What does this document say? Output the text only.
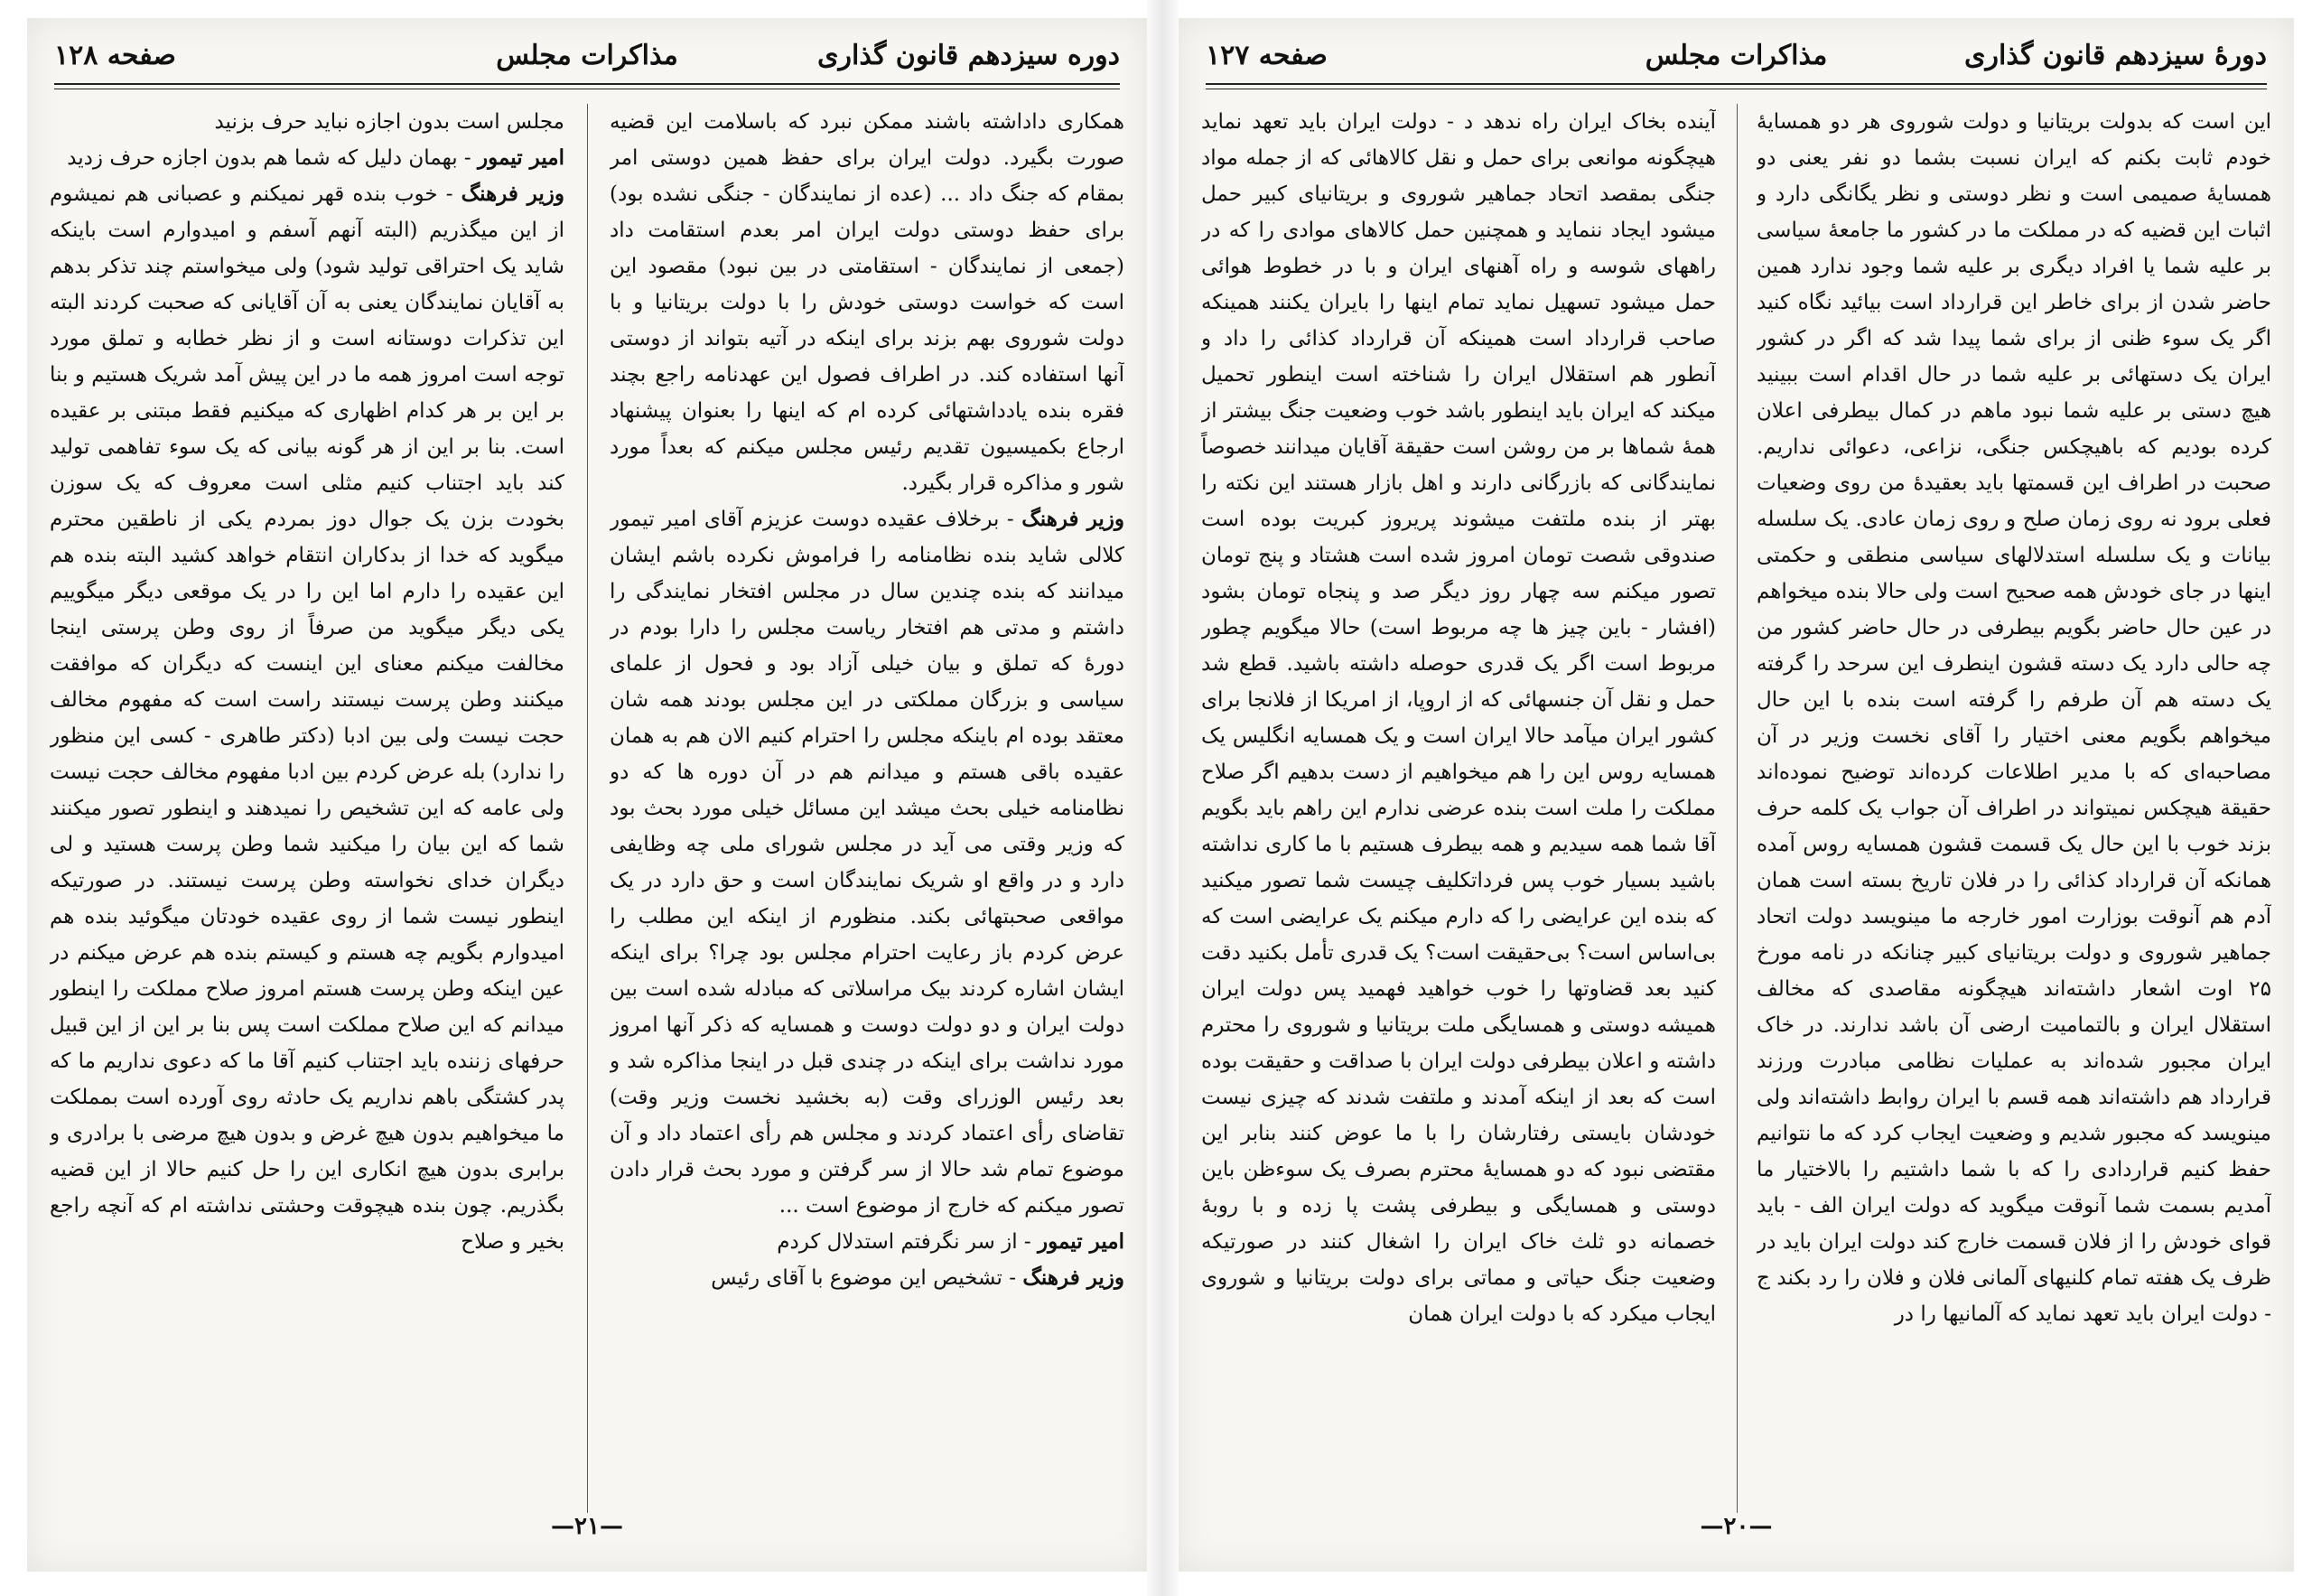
دوره سیزدهم قانون گذاری
مذاکرات مجلس
صفحه ۱۲۸

همکاری داداشته باشند ممکن نبرد که باسلامت این قضیه صورت بگیرد. دولت ایران برای حفظ همین دوستی امر بمقام که جنگ داد ... (عده از نمایندگان - جنگی نشده بود) برای حفظ دوستی دولت ایران امر بعدم استقامت داد (جمعی از نمایندگان - استقامتی در بین نبود) مقصود این است که خواست دوستی خودش را با دولت بریتانیا و با دولت شوروی بهم بزند برای اینکه در آتیه بتواند از دوستی آنها استفاده کند. در اطراف فصول این عهدنامه راجع بچند فقره بنده یادداشتهائی کرده ام که اینها را بعنوان پیشنهاد ارجاع بکمیسیون تقدیم رئیس مجلس میکنم که بعداً مورد شور و مذاکره قرار بگیرد.

وزیر فرهنگ - برخلاف عقیده دوست عزیزم آقای امیر تیمور کلالی شاید بنده نظامنامه را فراموش نکرده باشم ایشان میدانند که بنده چندین سال در مجلس افتخار نمایندگی را داشتم و مدتی هم افتخار ریاست مجلس را دارا بودم در دورهٔ که تملق و بیان خیلی آزاد بود و فحول از علمای سیاسی و بزرگان مملکتی در این مجلس بودند همه شان معتقد بوده ام باینکه مجلس را احترام کنیم الان هم به همان عقیده باقی هستم و میدانم هم در آن دوره ها که دو نظامنامه خیلی بحث میشد این مسائل خیلی مورد بحث بود که وزیر وقتی می آید در مجلس شورای ملی چه وظایفی دارد و در واقع او شریک نمایندگان است و حق دارد در یک مواقعی صحبتهائی بکند. منظورم از اینکه این مطلب را عرض کردم باز رعایت احترام مجلس بود چرا؟ برای اینکه ایشان اشاره کردند بیک مراسلاتی که مبادله شده است بین دولت ایران و دو دولت دوست و همسایه که ذکر آنها امروز مورد نداشت برای اینکه در چندی قبل در اینجا مذاکره شد و بعد رئیس الوزرای وقت (به بخشید نخست وزیر وقت) تقاضای رأی اعتماد کردند و مجلس هم رأی اعتماد داد و آن موضوع تمام شد حالا از سر گرفتن و مورد بحث قرار دادن تصور میکنم که خارج از موضوع است ...

امیر تیمور - از سر نگرفتم استدلال کردم

وزیر فرهنگ - تشخیص این موضوع با آقای رئیس

مجلس است بدون اجازه نباید حرف بزنید

امیر تیمور - بهمان دلیل که شما هم بدون اجازه حرف زدید

وزیر فرهنگ - خوب بنده قهر نمیکنم و عصبانی هم نمیشوم از این میگذریم (البته آنهم آسفم و امیدوارم است باینکه شاید یک احتراقی تولید شود) ولی میخواستم چند تذکر بدهم به آقایان نمایندگان یعنی به آن آقایانی که صحبت کردند البته این تذکرات دوستانه است و از نظر خطابه و تملق مورد توجه است امروز همه ما در این پیش آمد شریک هستیم و بنا بر این بر هر کدام اظهاری که میکنیم فقط مبتنی بر عقیده است. بنا بر این از هر گونه بیانی که یک سوء تفاهمی تولید کند باید اجتناب کنیم مثلی است معروف که یک سوزن بخودت بزن یک جوال دوز بمردم یکی از ناطقین محترم میگوید که خدا از بدکاران انتقام خواهد کشید البته بنده هم این عقیده را دارم اما این را در یک موقعی دیگر میگوییم یکی دیگر میگوید من صرفاً از روی وطن پرستی اینجا مخالفت میکنم معنای این اینست که دیگران که موافقت میکنند وطن پرست نیستند راست است که مفهوم مخالف حجت نیست ولی بین ادبا (دکتر طاهری - کسی این منظور را ندارد) بله عرض کردم بین ادبا مفهوم مخالف حجت نیست ولی عامه که این تشخیص را نمیدهند و اینطور تصور میکنند شما که این بیان را میکنید شما وطن پرست هستید و لی دیگران خدای نخواسته وطن پرست نیستند. در صورتیکه اینطور نیست شما از روی عقیده خودتان میگوئید بنده هم امیدوارم بگویم چه هستم و کیستم بنده هم عرض میکنم در عین اینکه وطن پرست هستم امروز صلاح مملکت را اینطور میدانم که این صلاح مملکت است پس بنا بر این از این قبیل حرفهای زننده باید اجتناب کنیم آقا ما که دعوی نداریم ما که پدر کشتگی باهم نداریم یک حادثه روی آورده است بمملکت ما میخواهیم بدون هیچ غرض و بدون هیچ مرضی با برادری و برابری بدون هیچ انکاری این را حل کنیم حالا از این قضیه بگذریم. چون بنده هیچوقت وحشتی نداشته ام که آنچه راجع بخیر و صلاح

—۲۱—
دورهٔ سیزدهم قانون گذاری
مذاکرات مجلس
صفحه ۱۲۷

این است که بدولت بریتانیا و دولت شوروی هر دو همسایهٔ خودم ثابت بکنم که ایران نسبت بشما دو نفر یعنی دو همسایهٔ صمیمی است و نظر دوستی و نظر یگانگی دارد و اثبات این قضیه که در مملکت ما در کشور ما جامعهٔ سیاسی بر علیه شما یا افراد دیگری بر علیه شما وجود ندارد همین حاضر شدن از برای خاطر این قرارداد است بیائید نگاه کنید اگر یک سوء ظنی از برای شما پیدا شد که اگر در کشور ایران یک دستهائی بر علیه شما در حال اقدام است ببینید هیچ دستی بر علیه شما نبود ماهم در کمال بیطرفی اعلان کرده بودیم که باهیچکس جنگی، نزاعی، دعوائی نداریم. صحبت در اطراف این قسمتها باید بعقیدهٔ من روی وضعیات فعلی برود نه روی زمان صلح و روی زمان عادی. یک سلسله بیانات و یک سلسله استدلالهای سیاسی منطقی و حکمتی اینها در جای خودش همه صحیح است ولی حالا بنده میخواهم در عین حال حاضر بگویم بیطرفی در حال حاضر کشور من چه حالی دارد یک دسته قشون اینطرف این سرحد را گرفته یک دسته هم آن طرفم را گرفته است بنده با این حال میخواهم بگویم معنی اختیار را آقای نخست وزیر در آن مصاحبه‌ای که با مدیر اطلاعات کرده‌اند توضیح نموده‌اند حقیقة هیچکس نمیتواند در اطراف آن جواب یک کلمه حرف بزند خوب با این حال یک قسمت قشون همسایه روس آمده همانکه آن قرارداد کذائی را در فلان تاریخ بسته است همان آدم هم آنوقت بوزارت امور خارجه ما مینویسد دولت اتحاد جماهیر شوروی و دولت بریتانیای کبیر چنانکه در نامه مورخ ۲۵ اوت اشعار داشته‌اند هیچگونه مقاصدی که مخالف استقلال ایران و بالتمامیت ارضی آن باشد ندارند. در خاک ایران مجبور شده‌اند به عملیات نظامی مبادرت ورزند قرارداد هم داشته‌اند همه قسم با ایران روابط داشته‌اند ولی مینویسد که مجبور شدیم و وضعیت ایجاب کرد که ما نتوانیم حفظ کنیم قراردادی را که با شما داشتیم را بالاختیار ما آمدیم بسمت شما آنوقت میگوید که دولت ایران الف - باید قوای خودش را از فلان قسمت خارج کند دولت ایران باید در ظرف یک هفته تمام کلنیهای آلمانی فلان و فلان را رد بکند ج - دولت ایران باید تعهد نماید که آلمانیها را در

آینده بخاک ایران راه ندهد د - دولت ایران باید تعهد نماید هیچگونه موانعی برای حمل و نقل کالاهائی که از جمله مواد جنگی بمقصد اتحاد جماهیر شوروی و بریتانیای کبیر حمل میشود ایجاد ننماید و همچنین حمل کالاهای موادی را که در راههای شوسه و راه آهنهای ایران و با در خطوط هوائی حمل میشود تسهیل نماید تمام اینها را بایران یکنند همینکه صاحب قرارداد است همینکه آن قرارداد کذائی را داد و آنطور هم استقلال ایران را شناخته است اینطور تحمیل میکند که ایران باید اینطور باشد خوب وضعیت جنگ بیشتر از همهٔ شماها بر من روشن است حقیقة آقایان میدانند خصوصاً نمایندگانی که بازرگانی دارند و اهل بازار هستند این نکته را بهتر از بنده ملتفت میشوند پریروز کبریت بوده است صندوقی شصت تومان امروز شده است هشتاد و پنج تومان تصور میکنم سه چهار روز دیگر صد و پنجاه تومان بشود (افشار - باین چیز ها چه مربوط است) حالا میگویم چطور مربوط است اگر یک قدری حوصله داشته باشید. قطع شد حمل و نقل آن جنسهائی که از اروپا، از امریکا از فلانجا برای کشور ایران میآمد حالا ایران است و یک همسایه انگلیس یک همسایه روس این را هم میخواهیم از دست بدهیم اگر صلاح مملکت را ملت است بنده عرضی ندارم این راهم باید بگویم آقا شما همه سیدیم و همه بیطرف هستیم با ما کاری نداشته باشید بسیار خوب پس فرداتکلیف چیست شما تصور میکنید که بنده این عرایضی را که دارم میکنم یک عرایضی است که بی‌اساس است؟ بی‌حقیقت است؟ یک قدری تأمل بکنید دقت کنید بعد قضاوتها را خوب خواهید فهمید پس دولت ایران همیشه دوستی و همسایگی ملت بریتانیا و شوروی را محترم داشته و اعلان بیطرفی دولت ایران با صداقت و حقیقت بوده است که بعد از اینکه آمدند و ملتفت شدند که چیزی نیست خودشان بایستی رفتارشان را با ما عوض کنند بنابر این مقتضی نبود که دو همسایهٔ محترم بصرف یک سوءظن باین دوستی و همسایگی و بیطرفی پشت پا زده و با روبهٔ خصمانه دو ثلث خاک ایران را اشغال کنند در صورتیکه وضعیت جنگ حیاتی و مماتی برای دولت بریتانیا و شوروی ایجاب میکرد که با دولت ایران همان

—۲۰—
